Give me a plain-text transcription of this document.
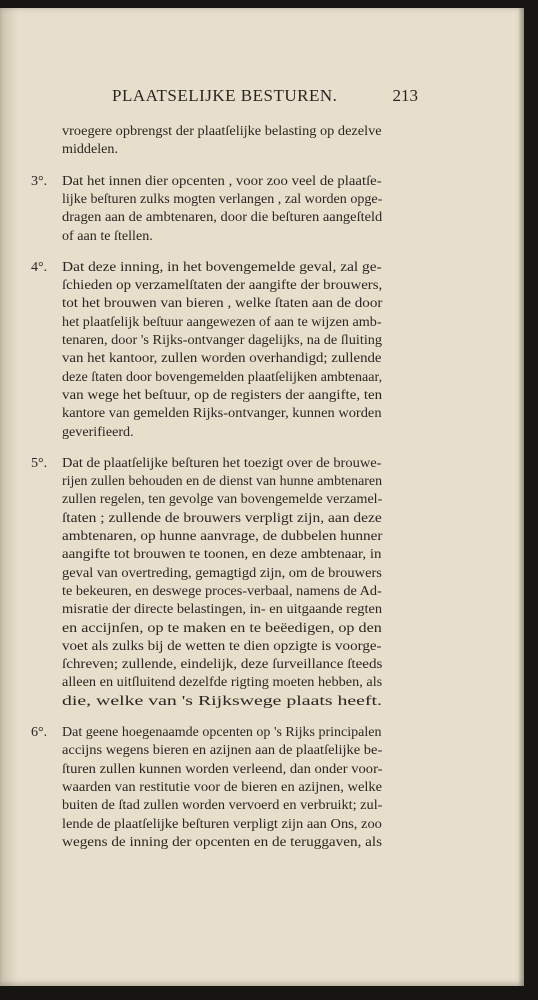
PLAATSELIJKE BESTUREN.	213
vroegere opbrengst der plaatſelijke belasting op dezelve
middelen.
3°. Dat het innen dier opcenten , voor zoo veel de plaatſe-
lijke beſturen zulks mogten verlangen , zal worden opge-
dragen aan de ambtenaren, door die beſturen aangeſteld
of aan te ſtellen.
4°. Dat deze inning, in het bovengemelde geval, zal ge-
ſchieden op verzamelſtaten der aangifte der brouwers,
tot het brouwen van bieren , welke ſtaten aan de door
het plaatſelijk beſtuur aangewezen of aan te wijzen amb-
tenaren, door 's Rijks-ontvanger dagelijks, na de ſluiting
van het kantoor, zullen worden overhandigd; zullende
deze ſtaten door bovengemelden plaatſelijken ambtenaar,
van wege het beſtuur, op de registers der aangifte, ten
kantore van gemelden Rijks-ontvanger, kunnen worden
geverifieerd.
5°. Dat de plaatſelijke beſturen het toezigt over de brouwe-
rijen zullen behouden en de dienst van hunne ambtenaren
zullen regelen, ten gevolge van bovengemelde verzamel-
ſtaten ; zullende de brouwers verpligt zijn, aan deze
ambtenaren, op hunne aanvrage, de dubbelen hunner
aangifte tot brouwen te toonen, en deze ambtenaar, in
geval van overtreding, gemagtigd zijn, om de brouwers
te bekeuren, en deswege proces-verbaal, namens de Ad-
misratie der directe belastingen, in- en uitgaande regten
en accijnſen, op te maken en te beëedigen, op den
voet als zulks bij de wetten te dien opzigte is voorge-
ſchreven; zullende, eindelijk, deze ſurveillance ſteeds
alleen en uitſluitend dezelfde rigting moeten hebben, als
die, welke van 's Rijkswege plaats heeft.
6°. Dat geene hoegenaamde opcenten op 's Rijks principalen
accijns wegens bieren en azijnen aan de plaatſelijke be-
ſturen zullen kunnen worden verleend, dan onder voor-
waarden van restitutie voor de bieren en azijnen, welke
buiten de ſtad zullen worden vervoerd en verbruikt; zul-
lende de plaatſelijke beſturen verpligt zijn aan Ons, zoo
wegens de inning der opcenten en de teruggaven, als
